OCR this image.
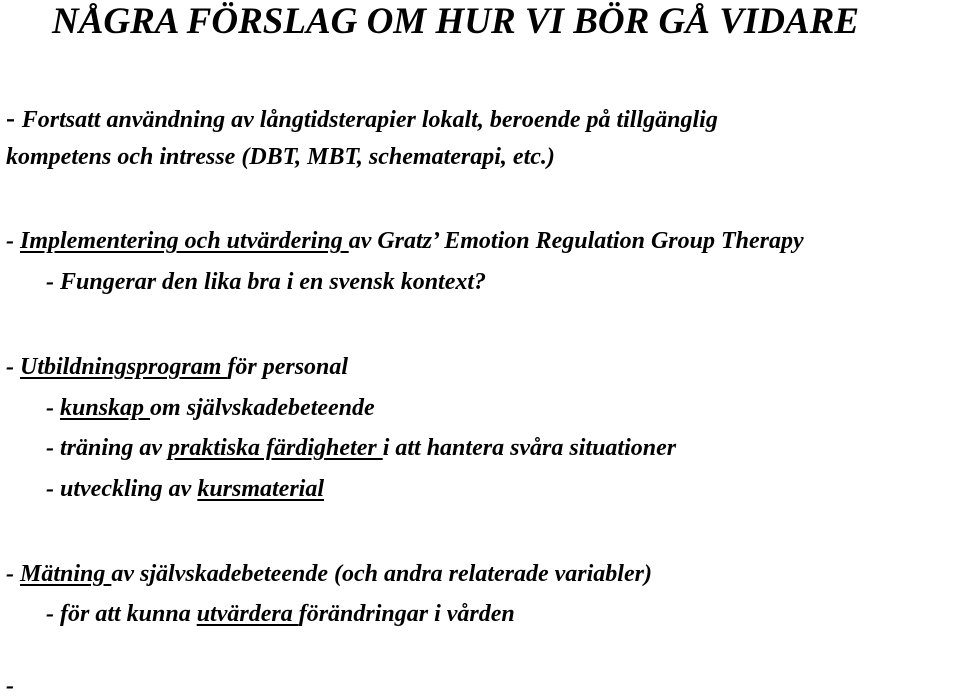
NÅGRA FÖRSLAG OM HUR VI BÖR GÅ VIDARE
- Fortsatt användning av långtidsterapier lokalt, beroende på tillgänglig
kompetens och intresse (DBT, MBT, schematerapi, etc.)
- Implementering och utvärdering av Gratz’ Emotion Regulation Group Therapy
- Fungerar den lika bra i en svensk kontext?
- Utbildningsprogram för personal
- kunskap om självskadebeteende
- träning av praktiska färdigheter i att hantera svåra situationer
- utveckling av kursmaterial
- Mätning av självskadebeteende (och andra relaterade variabler)
- för att kunna utvärdera förändringar i vården
-
